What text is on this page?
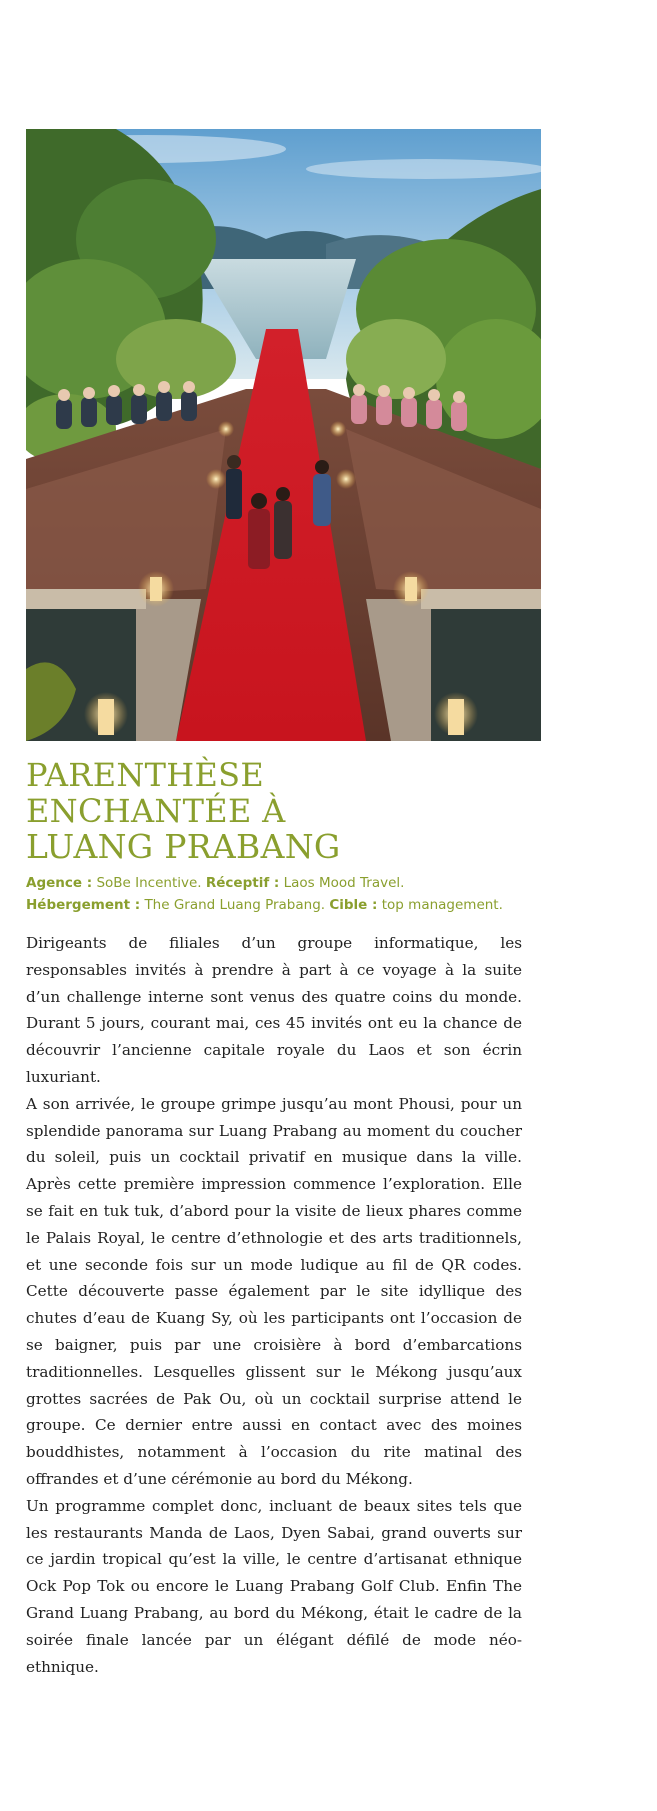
PARENTHÈSE
ENCHANTÉE À
LUANG PRABANG
Agence : SoBe Incentive. Réceptif : Laos Mood Travel.
Hébergement : The Grand Luang Prabang. Cible : top management.

Dirigeants de filiales d’un groupe informatique, les responsables invités à prendre à part à ce voyage à la suite d’un challenge interne sont venus des quatre coins du monde. Durant 5 jours, courant mai, ces 45 invités ont eu la chance de découvrir l’ancienne capitale royale du Laos et son écrin luxuriant.

A son arrivée, le groupe grimpe jusqu’au mont Phousi, pour un splendide panorama sur Luang Prabang au moment du coucher du soleil, puis un cocktail privatif en musique dans la ville. Après cette première impression commence l’exploration. Elle se fait en tuk tuk, d’abord pour la visite de lieux phares comme le Palais Royal, le centre d’ethnologie et des arts traditionnels, et une seconde fois sur un mode ludique au fil de QR codes. Cette découverte passe également par le site idyllique des chutes d’eau de Kuang Sy, où les participants ont l’occasion de se baigner, puis par une croisière à bord d’embarcations traditionnelles. Lesquelles glissent sur le Mékong jusqu’aux grottes sacrées de Pak Ou, où un cocktail surprise attend le groupe. Ce dernier entre aussi en contact avec des moines bouddhistes, notamment à l’occasion du rite matinal des offrandes et d’une cérémonie au bord du Mékong.

Un programme complet donc, incluant de beaux sites tels que les restaurants Manda de Laos, Dyen Sabai, grand ouverts sur ce jardin tropical qu’est la ville, le centre d’artisanat ethnique Ock Pop Tok ou encore le Luang Prabang Golf Club. Enfin The Grand Luang Prabang, au bord du Mékong, était le cadre de la soirée finale lancée par un élégant défilé de mode néo-ethnique.
